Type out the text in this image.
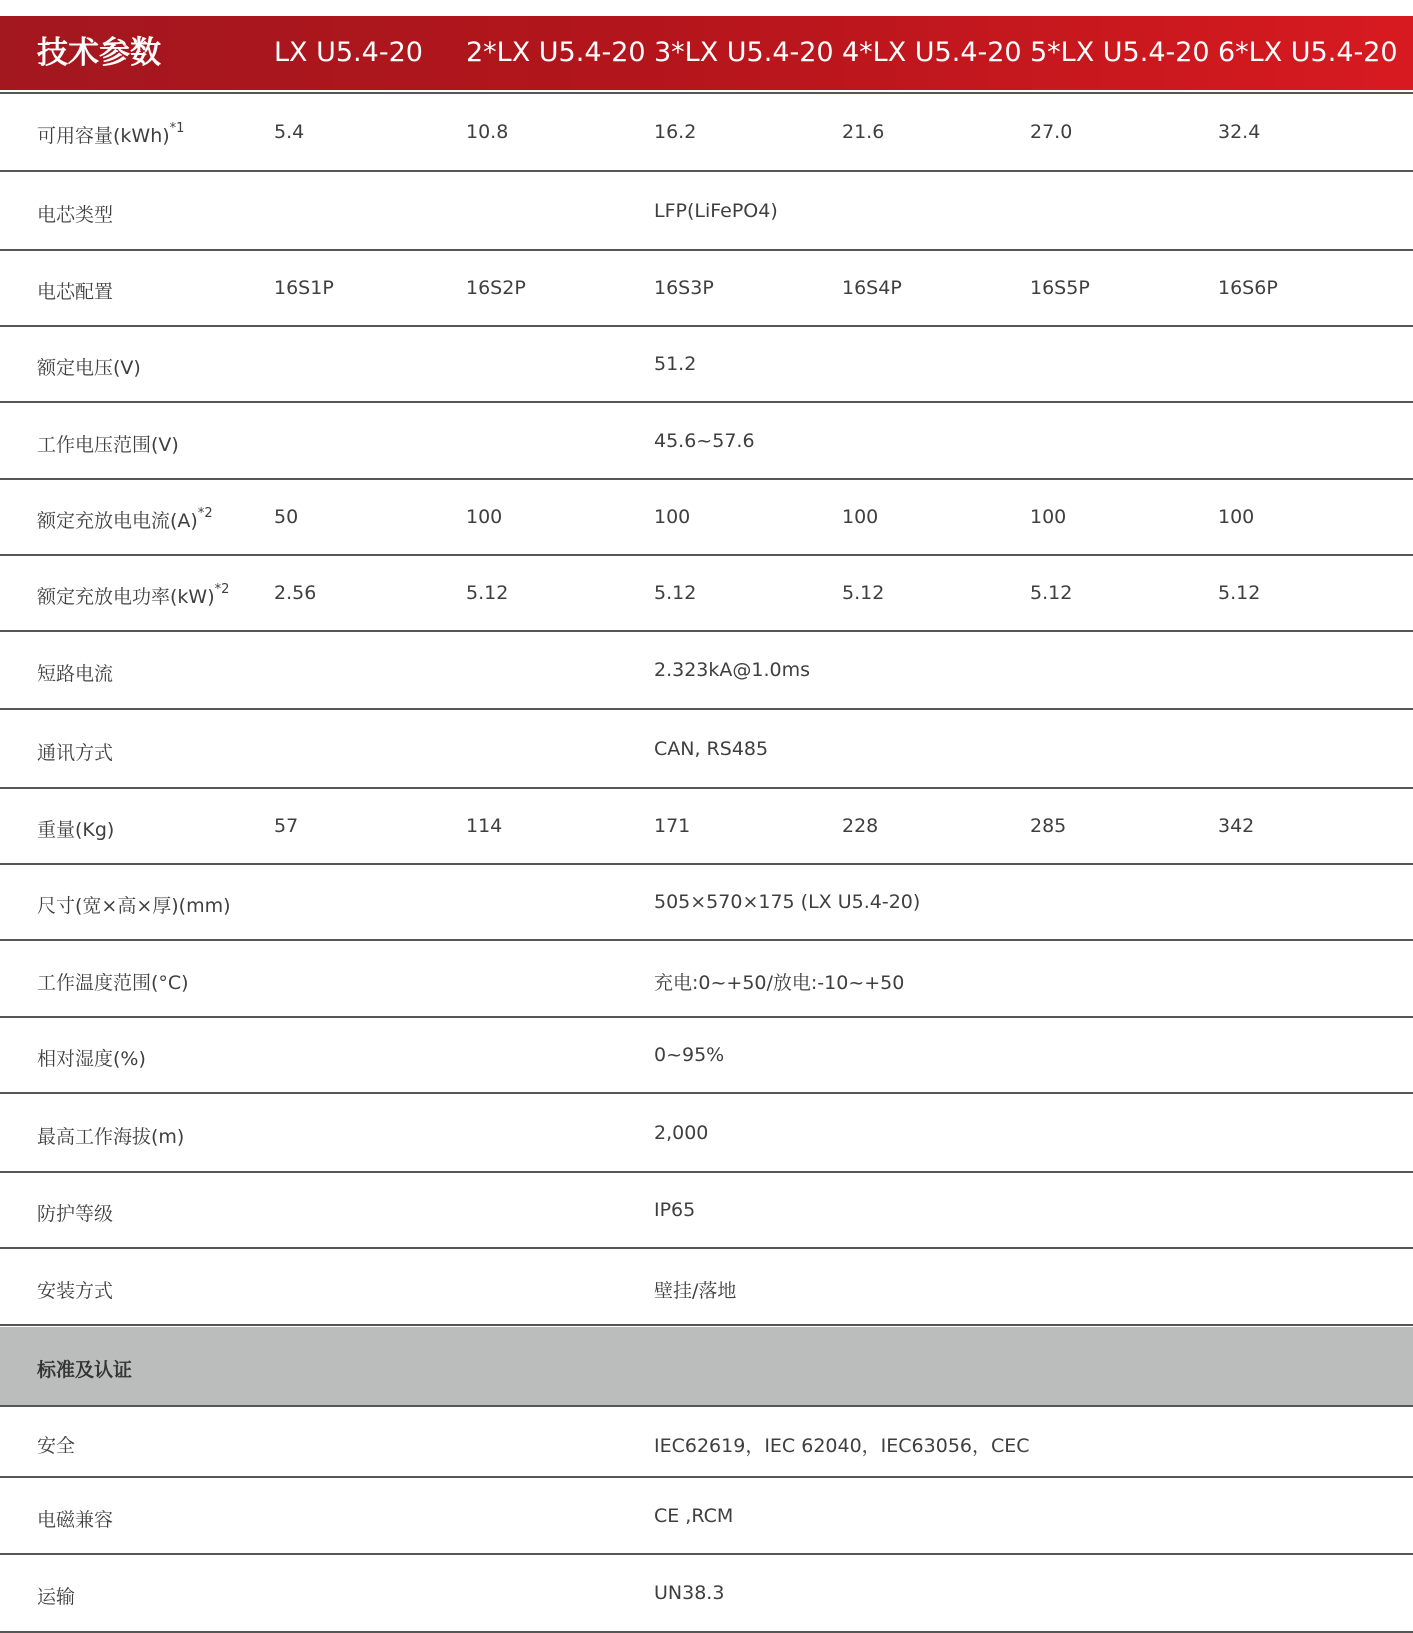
技术参数	LX U5.4-20 2*LX U5.4-20 3*LX U5.4-20 4*LX U5.4-20 5*LX U5.4-20 6*LX U5.4-20
可用容量(kWh)$^{*1}$	5.4	10.8	16.2	21.6	27.0	32.4
电芯类型	LFP(LiFePO4)
电芯配置	16S1P	16S2P	16S3P	16S4P	16S5P	16S6P
额定电压(V)	51.2
工作电压范围(V)	45.6~57.6
额定充放电电流$(A)^{*2}$	50	100	100	100	100	100
额定充放电功率(kW)$^{*2}$ 2.56	5.12	5.12	5.12	5.12	5.12
短路电流	2.323kA@1.0ms
通讯方式	CAN, RS485
重量(Kg)	57	114	171	228	285	342
尺寸(宽×高×厚)(mm)	505×570×175 (LX U5.4-20)
工作温度范围(°C)	充电:0~+50/放电:-10~+50
相对湿度(%)	0~95%
最高工作海拔(m)	2,000
防护等级	IP65
安装方式	壁挂/落地
标准及认证
安全	IEC62619，IEC 62040，IEC63056，CEC
电磁兼容	CE ,RCM
运输	UN38.3
